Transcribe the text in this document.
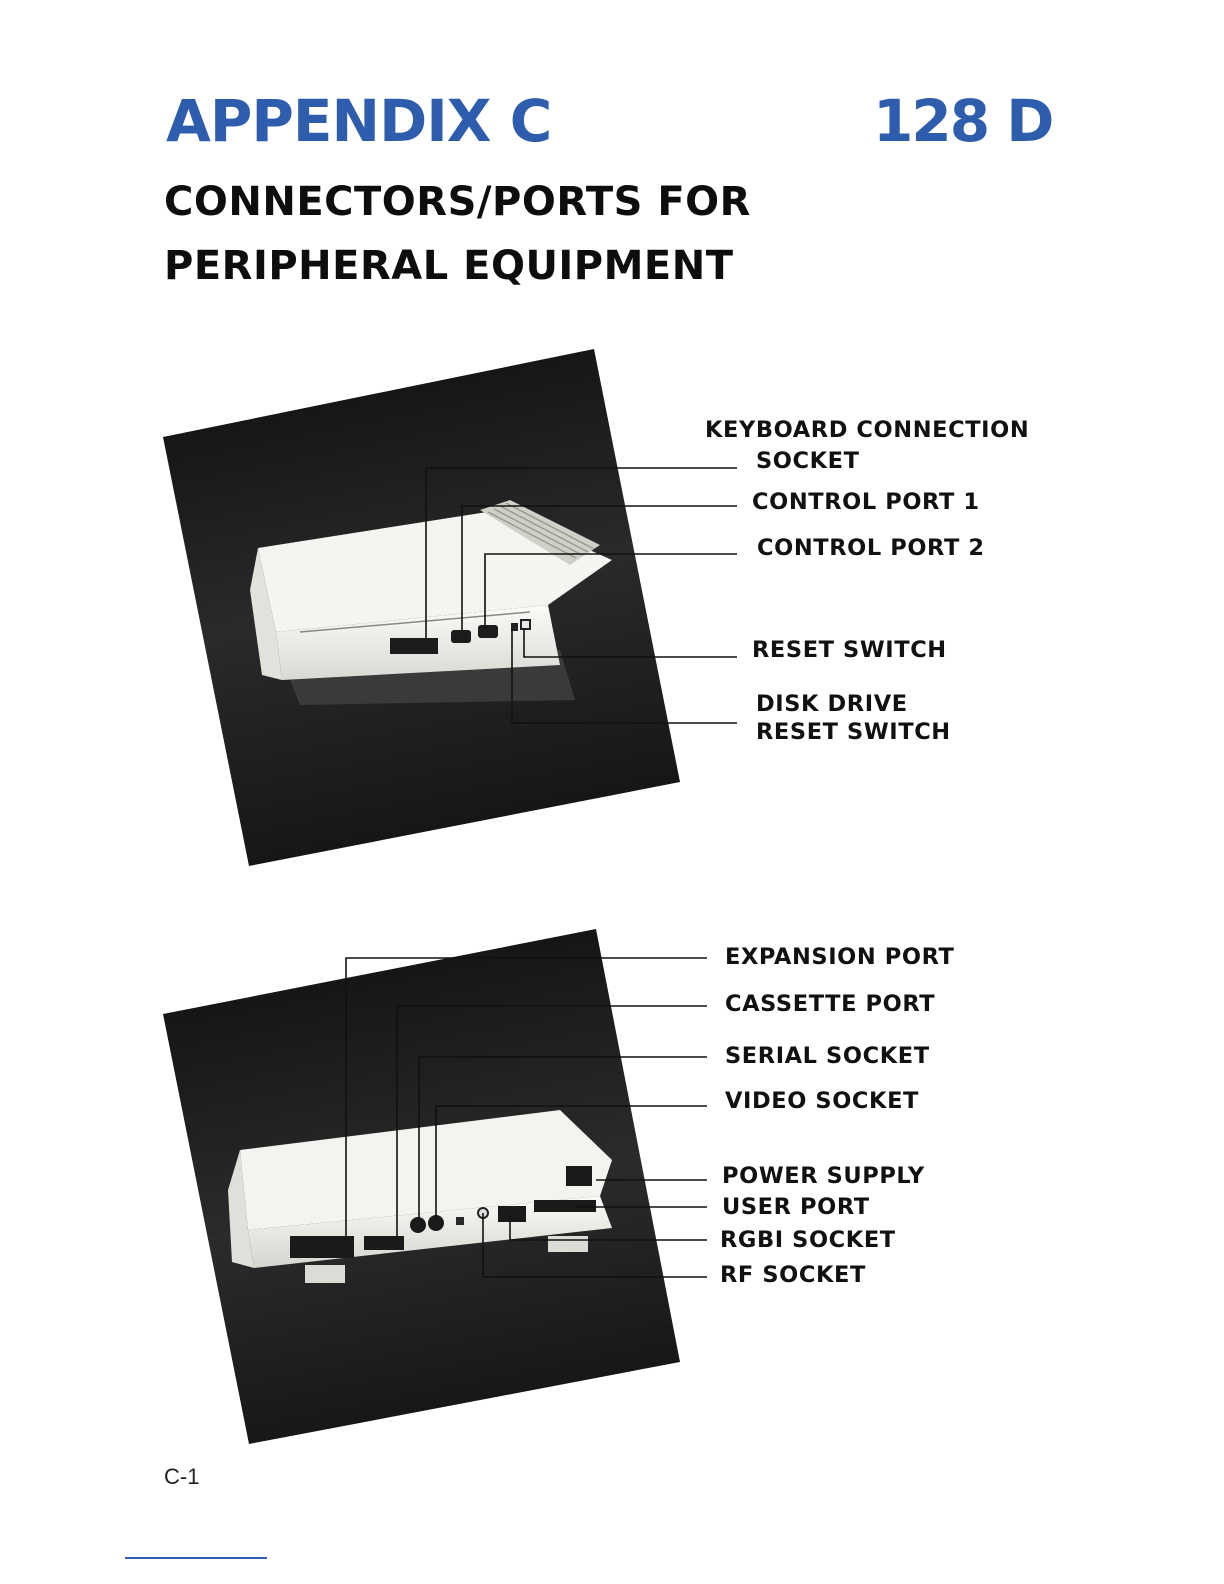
APPENDIX C	128 D
CONNECTORS/PORTS FOR
PERIPHERAL EQUIPMENT
KEYBOARD CONNECTION
SOCKET
CONTROL PORT 1
CONTROL PORT 2
RESET SWITCH
DISK DRIVE
RESET SWITCH
EXPANSION PORT
CASSETTE PORT
SERIAL SOCKET
VIDEO SOCKET
POWER SUPPLY
USER PORT
RGBI SOCKET
RF SOCKET
C-1
